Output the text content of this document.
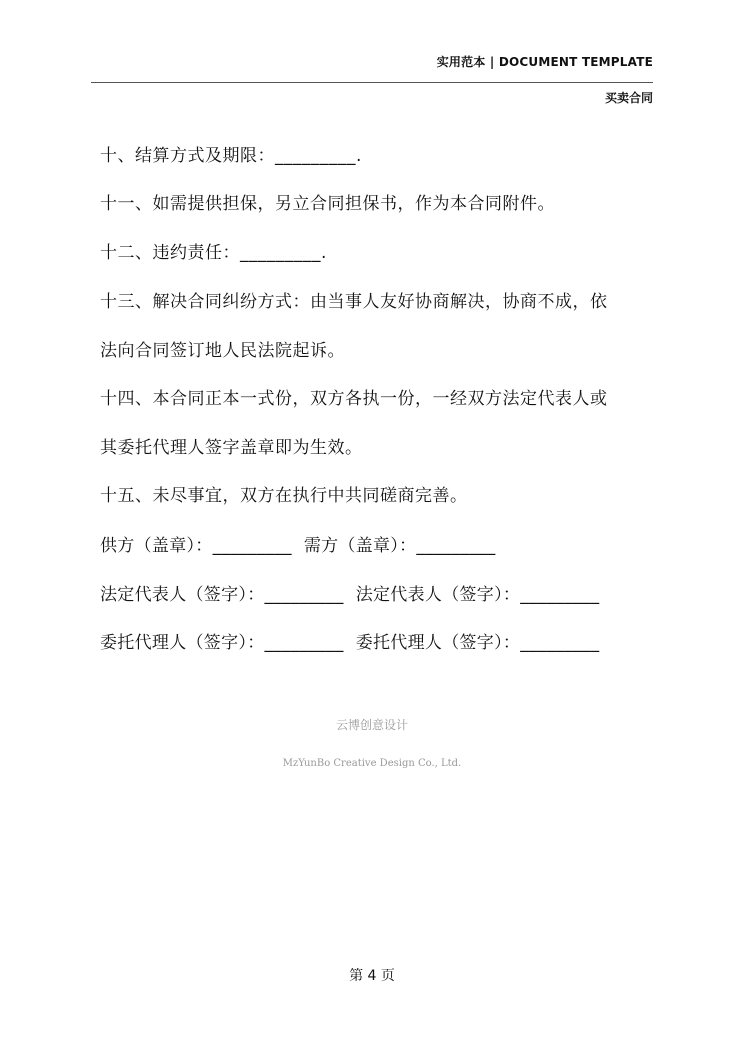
实用范本 | DOCUMENT TEMPLATE
买卖合同
十、结算方式及期限：_________.
十一、如需提供担保，另立合同担保书，作为本合同附件。
十二、违约责任：_________.
十三、解决合同纠纷方式：由当事人友好协商解决，协商不成，依
法向合同签订地人民法院起诉。
十四、本合同正本一式份，双方各执一份，一经双方法定代表人或
其委托代理人签字盖章即为生效。
十五、未尽事宜，双方在执行中共同磋商完善。
供方（盖章）：_________ 需方（盖章）：_________
法定代表人（签字）：_________ 法定代表人（签字）：_________
委托代理人（签字）：_________ 委托代理人（签字）：_________
云博创意设计
MzYunBo Creative Design Co., Ltd.
第 4 页
